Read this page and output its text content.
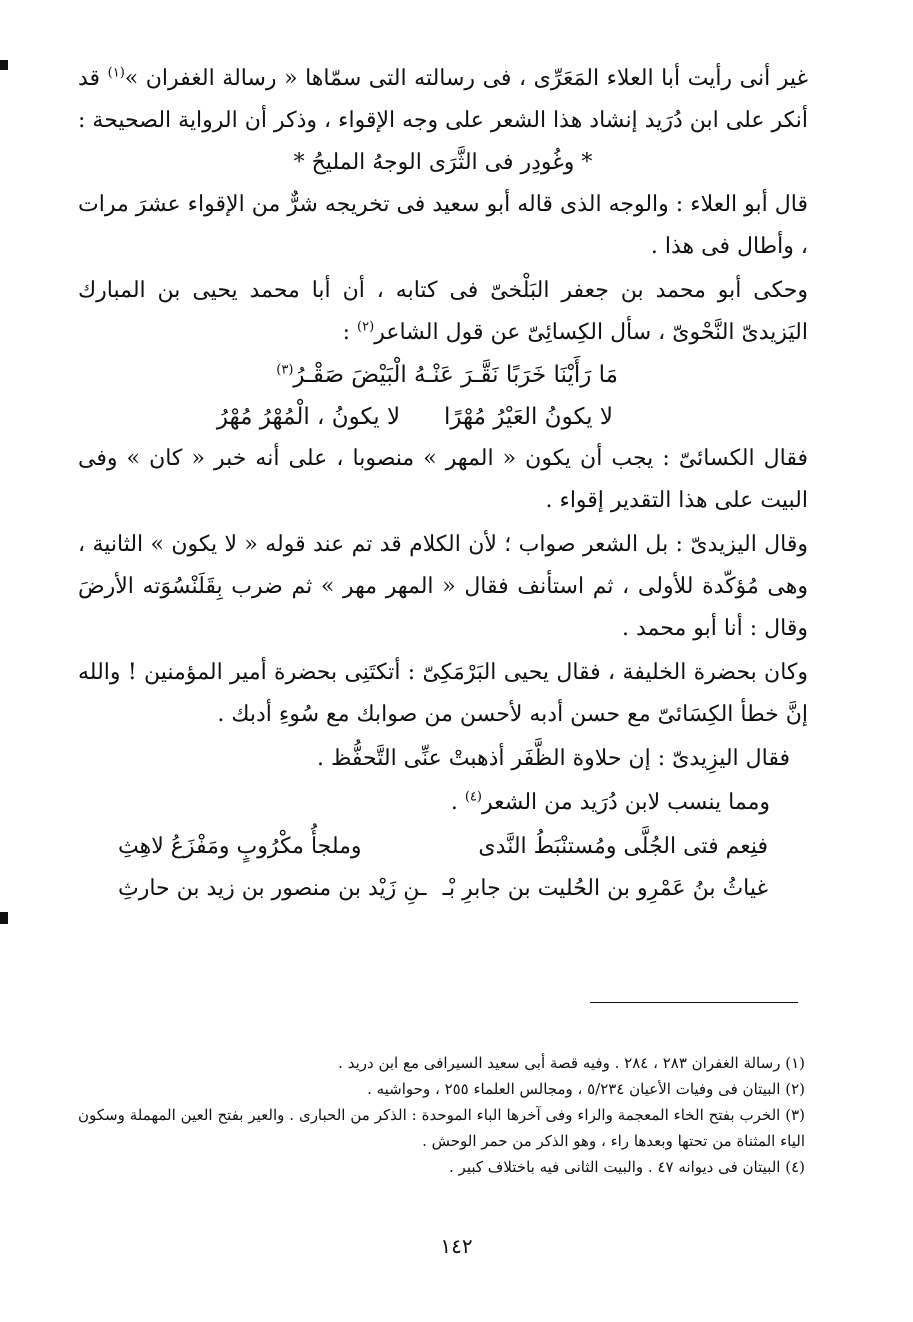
غير أنى رأيت أبا العلاء المَعَرِّى ، فى رسالته التى سمّاها « رسالة الغفران »$^{(١)}$ قد أنكر على ابن دُرَيد إنشاد هذا الشعر على وجه الإقواء ، وذكر أن الرواية الصحيحة :

* وغُودِر فى الثَّرَى الوجهُ المليحُ *

قال أبو العلاء : والوجه الذى قاله أبو سعيد فى تخريجه شرٌّ من الإقواء عشرَ مرات ، وأطال فى هذا .

وحكى أبو محمد بن جعفر البَلْخىّ فى كتابه ، أن أبا محمد يحيى بن المبارك اليَزيدىّ النَّحْوىّ ، سأل الكِسائِىّ عن قول الشاعر$^{(٢)}$ :

مَا رَأَيْنَا خَرَبًا نَقَّـرَ عَنْـهُ الْبَيْضَ صَقْـرُ$^{(٣)}$

لا يكونُ العَيْرُ مُهْرًا      لا يكونُ ، الْمُهْرُ مُهْرُ

فقال الكسائىّ : يجب أن يكون « المهر » منصوبا ، على أنه خبر « كان » وفى البيت على هذا التقدير إقواء .

وقال اليزيدىّ : بل الشعر صواب ؛ لأن الكلام قد تم عند قوله « لا يكون » الثانية ، وهى مُؤكّدة للأولى ، ثم استأنف فقال « المهر مهر » ثم ضرب بِقَلَنْسُوَته الأرضَ وقال : أنا أبو محمد .

وكان بحضرة الخليفة ، فقال يحيى البَرْمَكِىّ : أتكتَنِى بحضرة أمير المؤمنين ! والله إنَّ خطأ الكِسَائىّ مع حسن أدبه لأحسن من صوابك مع سُوءِ أدبك .

فقال اليزِيدىّ : إن حلاوة الظَّفَر أذهبتْ عنِّى التَّحفُّظ .

ومما ينسب لابن دُرَيد من الشعر$^{(٤)}$ .

فنِعم فتى الجُلَّى ومُستنْبَطُ النَّدى
وملجأُ مكْرُوبٍ ومَفْزَعُ لاهِثِ
غياثُ بنُ عَمْرِو بن الحُليت بن جابرِ بْـ
ـنِ زَيْد بن منصور بن زيد بن حارثِ

(١) رسالة الغفران ٢٨٣ ، ٢٨٤ . وفيه قصة أبى سعيد السيرافى مع ابن دريد .

(٢) البيتان فى وفيات الأعيان ٥/٢٣٤ ، ومجالس العلماء ٢٥٥ ، وحواشيه .

(٣) الخرب بفتح الخاء المعجمة والراء وفى آخرها الباء الموحدة : الذكر من الحبارى . والعير بفتح العين المهملة وسكون الياء المثناة من تحتها وبعدها راء ، وهو الذكر من حمر الوحش .

(٤) البيتان فى ديوانه ٤٧ . والبيت الثانى فيه باختلاف كبير .

١٤٢
